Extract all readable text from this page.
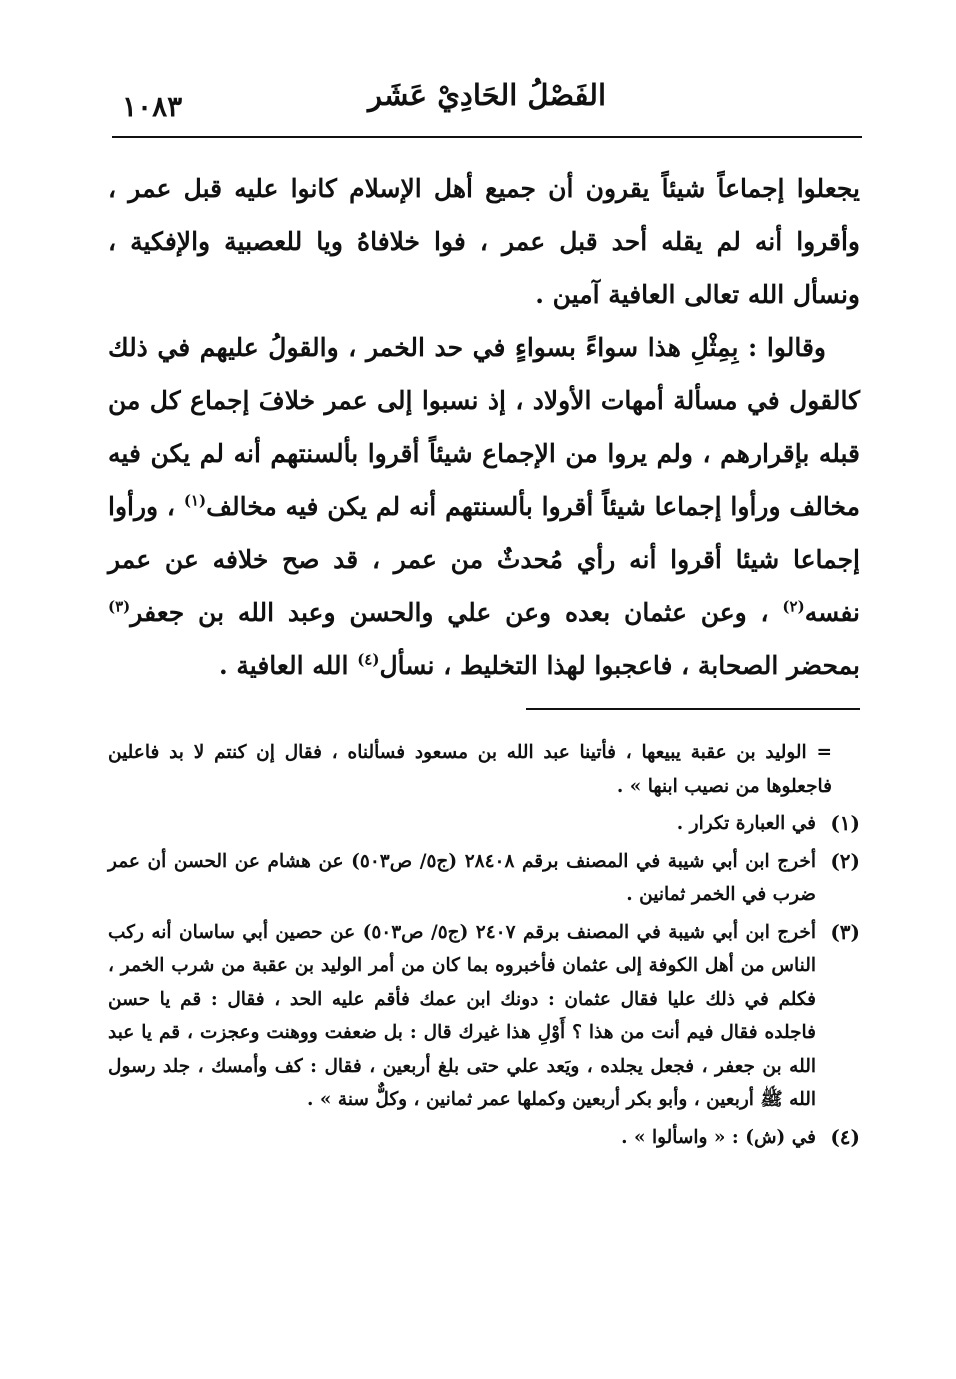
الفَصْلُ الحَادِيْ عَشَر
١٠٨٣

يجعلوا إجماعاً شيئاً يقرون أن جميع أهل الإسلام كانوا عليه قبل عمر ، وأقروا أنه لم يقله أحد قبل عمر ، فوا خلافاهُ ويا للعصبية والإفكية ، ونسأل الله تعالى العافية آمين .

وقالوا : بِمِثْلِ هذا سواءً بسواءٍ في حد الخمر ، والقولُ عليهم في ذلك كالقول في مسألة أمهات الأولاد ، إذ نسبوا إلى عمر خلافَ إجماع كل من قبله بإقرارهم ، ولم يروا من الإجماع شيئاً أقروا بألسنتهم أنه لم يكن فيه مخالف ورأوا إجماعا شيئاً أقروا بألسنتهم أنه لم يكن فيه مخالف$^{(١)}$ ، ورأوا إجماعا شيئا أقروا أنه رأي مُحدثٌ من عمر ، قد صح خلافه عن عمر نفسه$^{(٢)}$ ، وعن عثمان بعده وعن علي والحسن وعبد الله بن جعفر$^{(٣)}$ بمحضر الصحابة ، فاعجبوا لهذا التخليط ، نسأل$^{(٤)}$ الله العافية .

= الوليد بن عقبة يبيعها ، فأتينا عبد الله بن مسعود فسألناه ، فقال إن كنتم لا بد فاعلين فاجعلوها من نصيب ابنها » .
(١)
في العبارة تكرار .
(٢)
أخرج ابن أبي شيبة في المصنف برقم ٢٨٤٠٨ (ج٥/ ص٥٠٣) عن هشام عن الحسن أن عمر ضرب في الخمر ثمانين .
(٣)
أخرج ابن أبي شيبة في المصنف برقم ٢٤٠٧ (ج٥/ ص٥٠٣) عن حصين أبي ساسان أنه ركب الناس من أهل الكوفة إلى عثمان فأخبروه بما كان من أمر الوليد بن عقبة من شرب الخمر ، فكلم في ذلك عليا فقال عثمان : دونك ابن عمك فأقم عليه الحد ، فقال : قم يا حسن فاجلده فقال فيم أنت من هذا ؟ أَوْلِ هذا غيرك قال : بل ضعفت ووهنت وعجزت ، قم يا عبد الله بن جعفر ، فجعل يجلده ، ويَعد علي حتى بلغ أربعين ، فقال : كف وأمسك ، جلد رسول الله ﷺ أربعين ، وأبو بكر أربعين وكملها عمر ثمانين ، وكلٌّ سنة » .
(٤)
في (ش) : « واسألوا » .
